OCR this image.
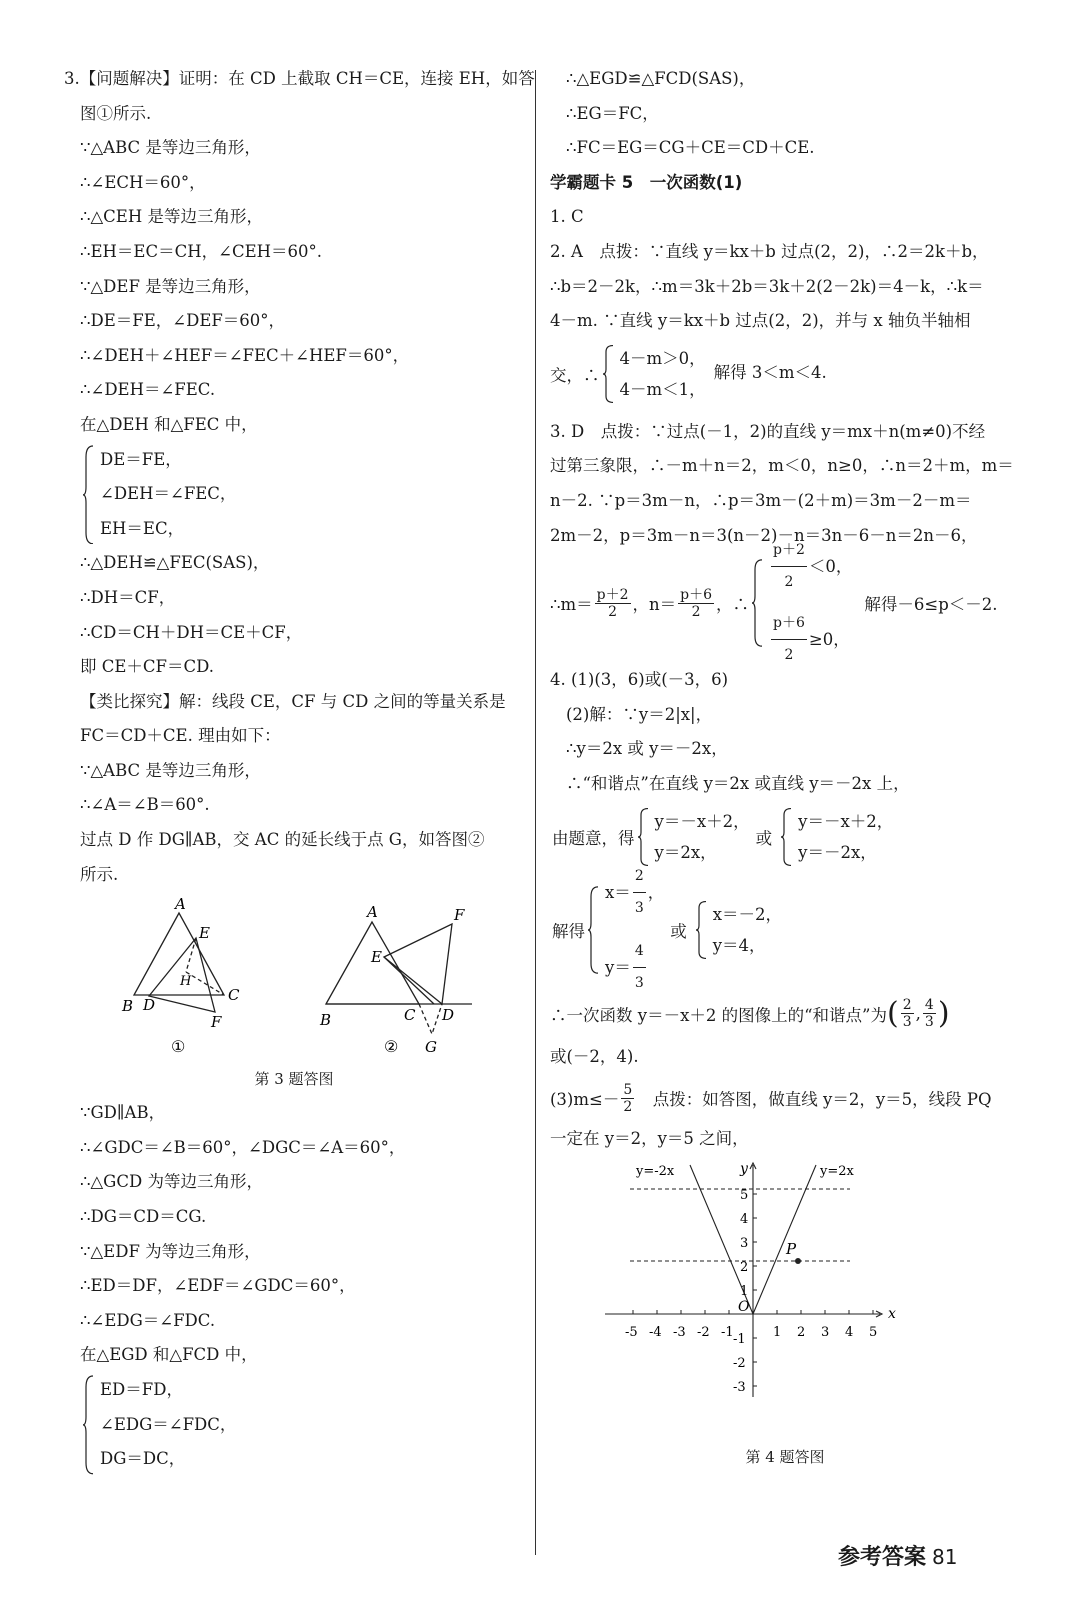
3.【问题解决】证明：在 CD 上截取 CH＝CE，连接 EH，如答
图①所示.
∵△ABC 是等边三角形，
∴∠ECH＝60°，
∴△CEH 是等边三角形，
∴EH＝EC＝CH，∠CEH＝60°.
∵△DEF 是等边三角形，
∴DE＝FE，∠DEF＝60°，
∴∠DEH＋∠HEF＝∠FEC＋∠HEF＝60°，
∴∠DEH＝∠FEC.
在△DEH 和△FEC 中，
DE＝FE，
∠DEH＝∠FEC，
EH＝EC，
∴△DEH≌△FEC(SAS)，
∴DH＝CF，
∴CD＝CH＋DH＝CE＋CF，
即 CE＋CF＝CD.
【类比探究】解：线段 CE，CF 与 CD 之间的等量关系是
FC＝CD＋CE. 理由如下：
∵△ABC 是等边三角形，
∴∠A＝∠B＝60°.
过点 D 作 DG∥AB，交 AC 的延长线于点 G，如答图②
所示.
A
E
H
B D
C
F
①
A	F
E
B	C D
G
②
第 3 题答图
∵GD∥AB，
∴∠GDC＝∠B＝60°，∠DGC＝∠A＝60°，
∴△GCD 为等边三角形，
∴DG＝CD＝CG.
∵△EDF 为等边三角形，
∴ED＝DF，∠EDF＝∠GDC＝60°，
∴∠EDG＝∠FDC.
在△EGD 和△FCD 中，
ED＝FD，
∠EDG＝∠FDC，
DG＝DC，
∴△EGD≌△FCD(SAS)，
∴EG＝FC，
∴FC＝EG＝CG＋CE＝CD＋CE.
学霸题卡 5　一次函数(1)
1. C
2. A　点拨：∵直线 y＝kx＋b 过点(2，2)，∴2＝2k＋b，
∴b＝2－2k，∴m＝3k＋2b＝3k＋2(2－2k)＝4－k，∴k＝
4－m. ∵直线 y＝kx＋b 过点(2，2)，并与 x 轴负半轴相
交，∴
4－m＞0，
4－m＜1，
解得 3＜m＜4.
3. D　点拨：∵过点(－1，2)的直线 y＝mx＋n(m≠0)不经
过第三象限，∴－m＋n＝2，m＜0，n≥0，∴n＝2＋m，m＝
n－2. ∵p＝3m－n，∴p＝3m－(2＋m)＝3m－2－m＝
2m－2，p＝3m－n＝3(n－2)－n＝3n－6－n＝2n－6，
∴m＝ $\frac{p+2}{2}$ ，$n= \frac{p+6}{2}$ ，∴
$\frac{p+2}{2} <0$，
$\frac{p+6}{2} \ge 0$，
解得－6≤p＜－2.
4. (1)(3，6)或(－3，6)
(2)解：∵y＝2|x|，
∴y＝2x 或 y＝－2x，
∴“和谐点”在直线 y＝2x 或直线 y＝－2x 上，
由题意，得
y＝－x＋2，
y＝2x，
或
y＝－x＋2，
y＝－2x，
解得
$x= \frac{2}{3}$ ，
$y= \frac{4}{3}$
或
x＝－2，
y＝4，
∴一次函数 y＝－x＋2 的图像上的“和谐点”为 ( $\frac{2}{3}$ , $\frac{4}{3}$ )
或(－2，4).
$(3)m\le- \frac{5}{2}$ 　点拨：如答图，做直线 y＝2，y＝5，线段 PQ
一定在 y＝2，y＝5 之间，
y=-2x	y=2x
y
x
O
P
-5 -4 -3 -2 -1	1 2 3 4 5
5
4
3
2
1
-1
-2
-3
第 4 题答图
参考答案 81
